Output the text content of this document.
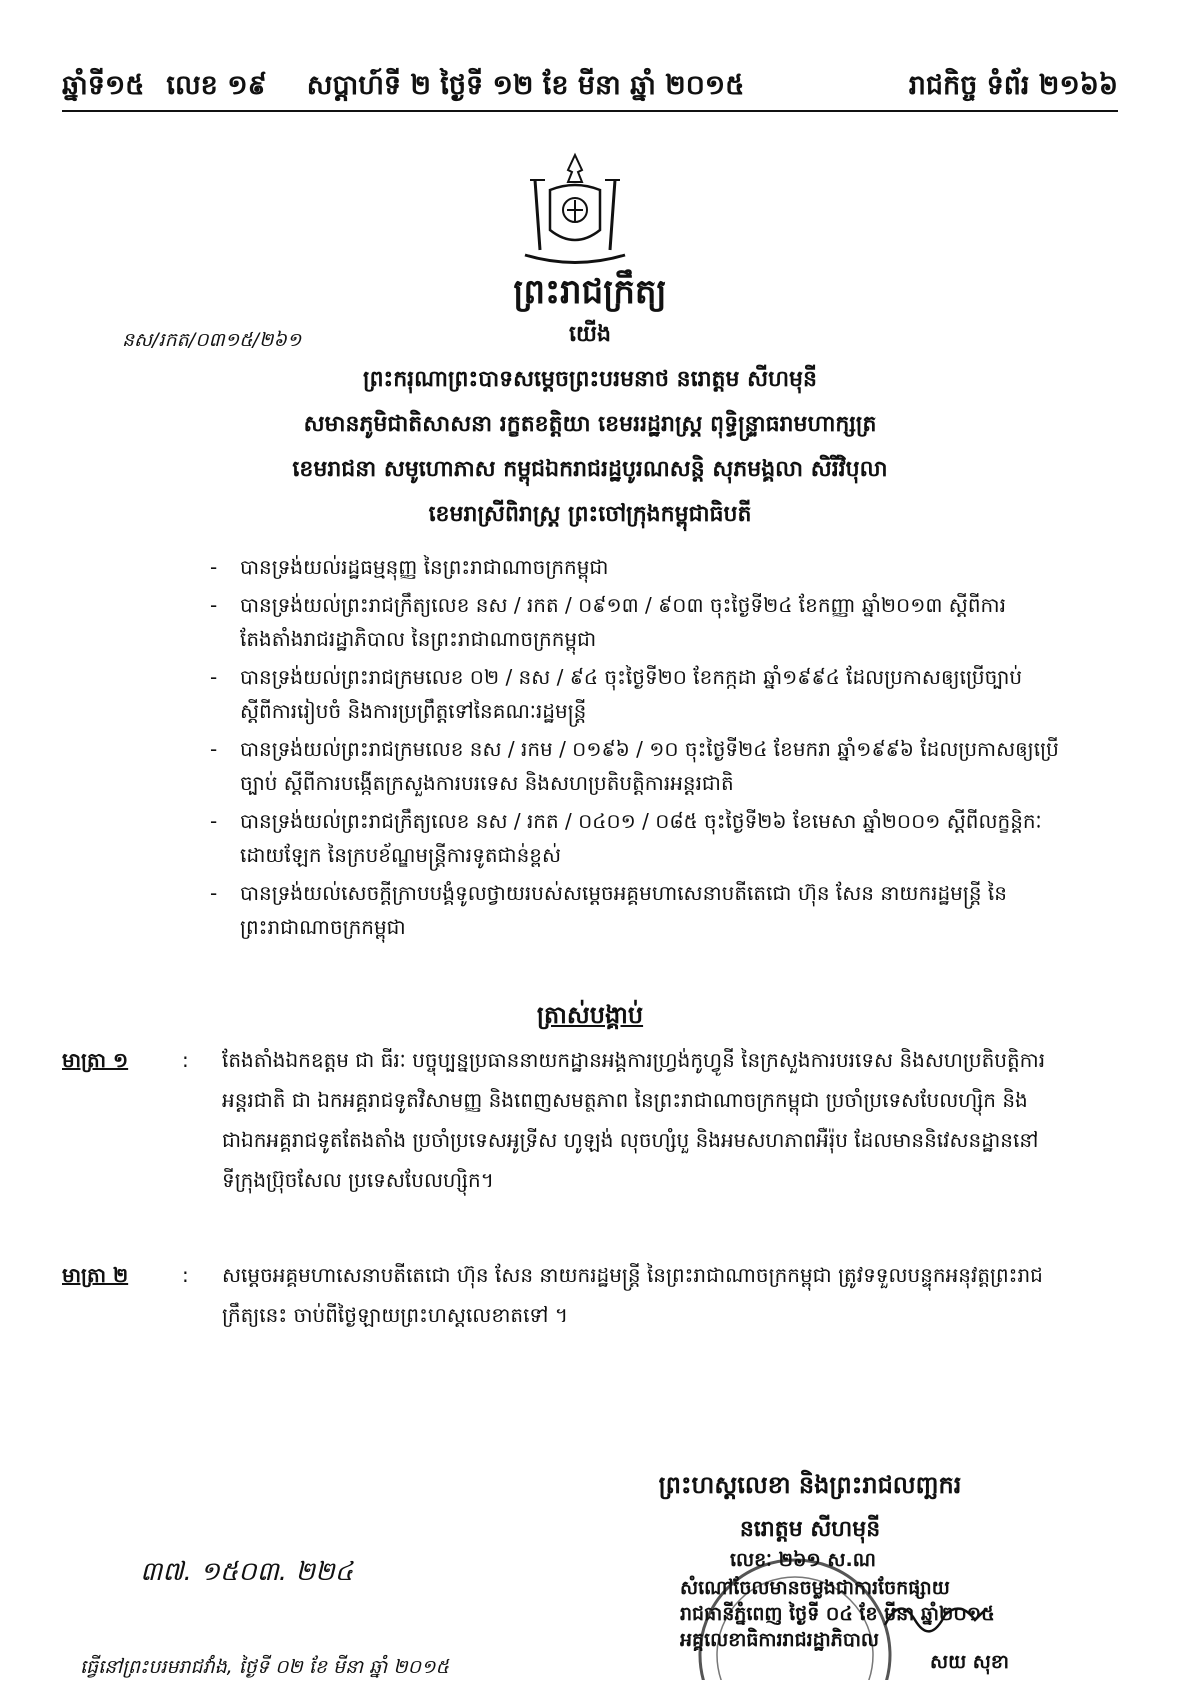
ឆ្នាំទី១៥ លេខ ១៩ សប្តាហ៍ទី ២ ថ្ងៃទី ១២ ខែ មីនា ឆ្នាំ ២០១៥	រាជកិច្ច ទំព័រ ២១៦៦
ព្រះរាជក្រឹត្យ
នស/រកត/០៣១៥/២៦១	យើង
ព្រះករុណាព្រះបាទសម្តេចព្រះបរមនាថ នរោត្តម សីហមុនី
សមានភូមិជាតិសាសនា រក្ខតខត្តិយា ខេមររដ្ឋរាស្ត្រ ពុទ្ធិន្រ្ទាធរាមហាក្សត្រ
ខេមរាជនា សមូហោភាស កម្ពុជឯករាជរដ្ឋបូរណសន្តិ សុភមង្គលា សិរីវិបុលា
ខេមរាស្រីពិរាស្ត្រ ព្រះចៅក្រុងកម្ពុជាធិបតី
- បានទ្រង់យល់រដ្ឋធម្មនុញ្ញ នៃព្រះរាជាណាចក្រកម្ពុជា
- បានទ្រង់យល់ព្រះរាជក្រឹត្យលេខ នស / រកត / ០៩១៣ / ៩០៣ ចុះថ្ងៃទី២៤ ខែកញ្ញា ឆ្នាំ២០១៣ ស្តីពីការតែងតាំងរាជរដ្ឋាភិបាល នៃព្រះរាជាណាចក្រកម្ពុជា
- បានទ្រង់យល់ព្រះរាជក្រមលេខ ០២ / នស / ៩៤ ចុះថ្ងៃទី២០ ខែកក្កដា ឆ្នាំ១៩៩៤ ដែលប្រកាសឲ្យប្រើច្បាប់ ស្តីពីការរៀបចំ និងការប្រព្រឹត្តទៅនៃគណៈរដ្ឋមន្ត្រី
- បានទ្រង់យល់ព្រះរាជក្រមលេខ នស / រកម / ០១៩៦ / ១០ ចុះថ្ងៃទី២៤ ខែមករា ឆ្នាំ១៩៩៦ ដែលប្រកាសឲ្យប្រើច្បាប់ ស្តីពីការបង្កើតក្រសួងការបរទេស និងសហប្រតិបត្តិការអន្តរជាតិ
- បានទ្រង់យល់ព្រះរាជក្រឹត្យលេខ នស / រកត / ០៤០១ / ០៨៥ ចុះថ្ងៃទី២៦ ខែមេសា ឆ្នាំ២០០១ ស្តីពីលក្ខន្តិកៈដោយឡែក នៃក្របខ័ណ្ឌមន្ត្រីការទូតជាន់ខ្ពស់
- បានទ្រង់យល់សេចក្តីក្រាបបង្គំទូលថ្វាយរបស់សម្តេចអគ្គមហាសេនាបតីតេជោ ហ៊ុន សែន នាយករដ្ឋមន្ត្រី នៃព្រះរាជាណាចក្រកម្ពុជា
ត្រាស់បង្គាប់
មាត្រា ១	:	តែងតាំងឯកឧត្តម ជា ធីរៈ បច្ចុប្បន្នប្រធាននាយកដ្ឋានអង្គការហ្វ្រង់កូហ្វូនី នៃក្រសួងការបរទេស និងសហប្រតិបត្តិការអន្តរជាតិ ជា ឯកអគ្គរាជទូតវិសាមញ្ញ និងពេញសមត្ថភាព នៃព្រះរាជាណាចក្រកម្ពុជា ប្រចាំប្រទេសបែលហ្ស៊ិក និងជាឯកអគ្គរាជទូតតែងតាំង ប្រចាំប្រទេសអូទ្រីស ហូឡង់ លុចហ្សំបួ និងអមសហភាពអឺរ៉ុប ដែលមាននិវេសនដ្ឋាននៅទីក្រុងប្រ៊ុចសែល ប្រទេសបែលហ្ស៊ិក។
មាត្រា ២	:	សម្តេចអគ្គមហាសេនាបតីតេជោ ហ៊ុន សែន នាយករដ្ឋមន្ត្រី នៃព្រះរាជាណាចក្រកម្ពុជា ត្រូវទទួលបន្ទុកអនុវត្តព្រះរាជក្រឹត្យនេះ ចាប់ពីថ្ងៃឡាយព្រះហស្តលេខាតទៅ ។
ព្រះហស្តលេខា និងព្រះរាជលញ្ឆករ
នរោត្តម សីហមុនី
លេខៈ ២៦១ ស.ណ
សំណៅចែលមានចម្លងជាការចែកផ្សាយ
រាជធានីភ្នំពេញ ថ្ងៃទី ០៤ ខែ មីនា ឆ្នាំ២០១៥
អគ្គលេខាធិការរាជរដ្ឋាភិបាល
៣៧. ១៥០៣. ២២៤
ធ្វើនៅព្រះបរមរាជវាំង, ថ្ងៃទី ០២ ខែ មីនា ឆ្នាំ ២០១៥	សយ សុខា
